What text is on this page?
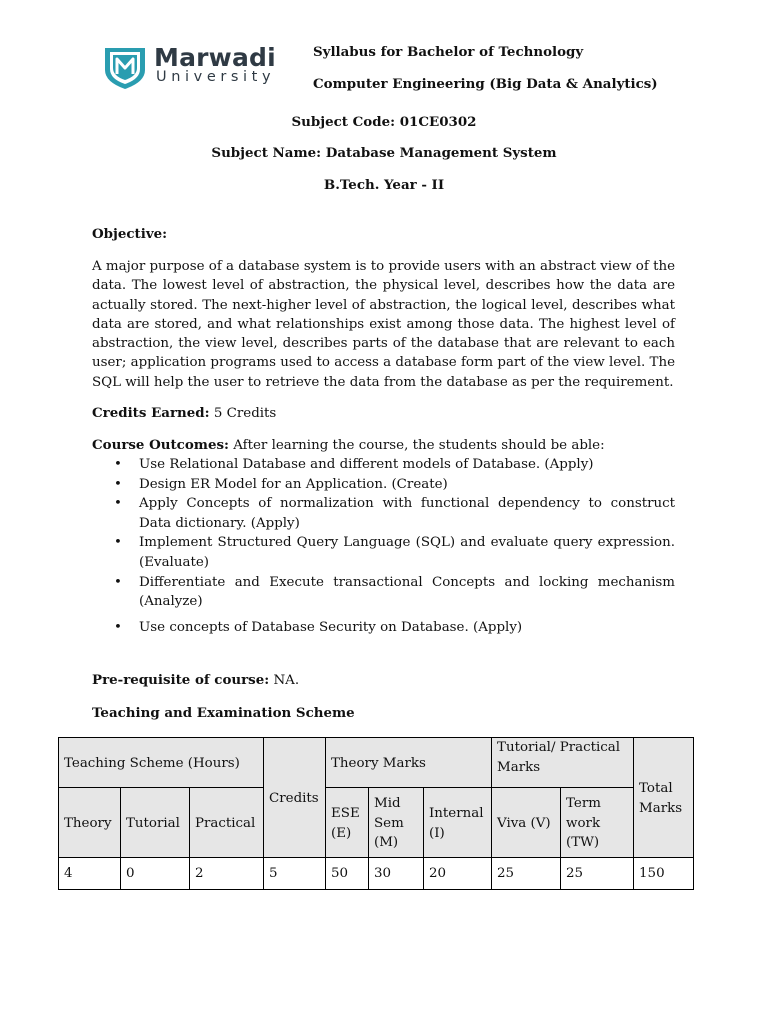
Marwadi
University
Syllabus for Bachelor of Technology
Computer Engineering (Big Data & Analytics)
Subject Code: 01CE0302
Subject Name: Database Management System
B.Tech. Year - II
Objective:

A major purpose of a database system is to provide users with an abstract view of the data. The lowest level of abstraction, the physical level, describes how the data are actually stored. The next-higher level of abstraction, the logical level, describes what data are stored, and what relationships exist among those data. The highest level of abstraction, the view level, describes parts of the database that are relevant to each user; application programs used to access a database form part of the view level. The SQL will help the user to retrieve the data from the database as per the requirement.

Credits Earned: 5 Credits
Course Outcomes: After learning the course, the students should be able:
• Use Relational Database and different models of Database. (Apply)
• Design ER Model for an Application. (Create)
• Apply Concepts of normalization with functional dependency to construct Data dictionary. (Apply)
• Implement Structured Query Language (SQL) and evaluate query expression. (Evaluate)
• Differentiate and Execute transactional Concepts and locking mechanism (Analyze)
• Use concepts of Database Security on Database. (Apply)
Pre-requisite of course: NA.
Teaching and Examination Scheme
Teaching Scheme (Hours)			Credits	Theory Marks			Tutorial/ Practical Marks		Total Marks
Theory	Tutorial	Practical		ESE (E)	Mid Sem (M)	Internal (I)	Viva (V)	Term work (TW)	
4	0	2	5	50	30	20	25	25	150
